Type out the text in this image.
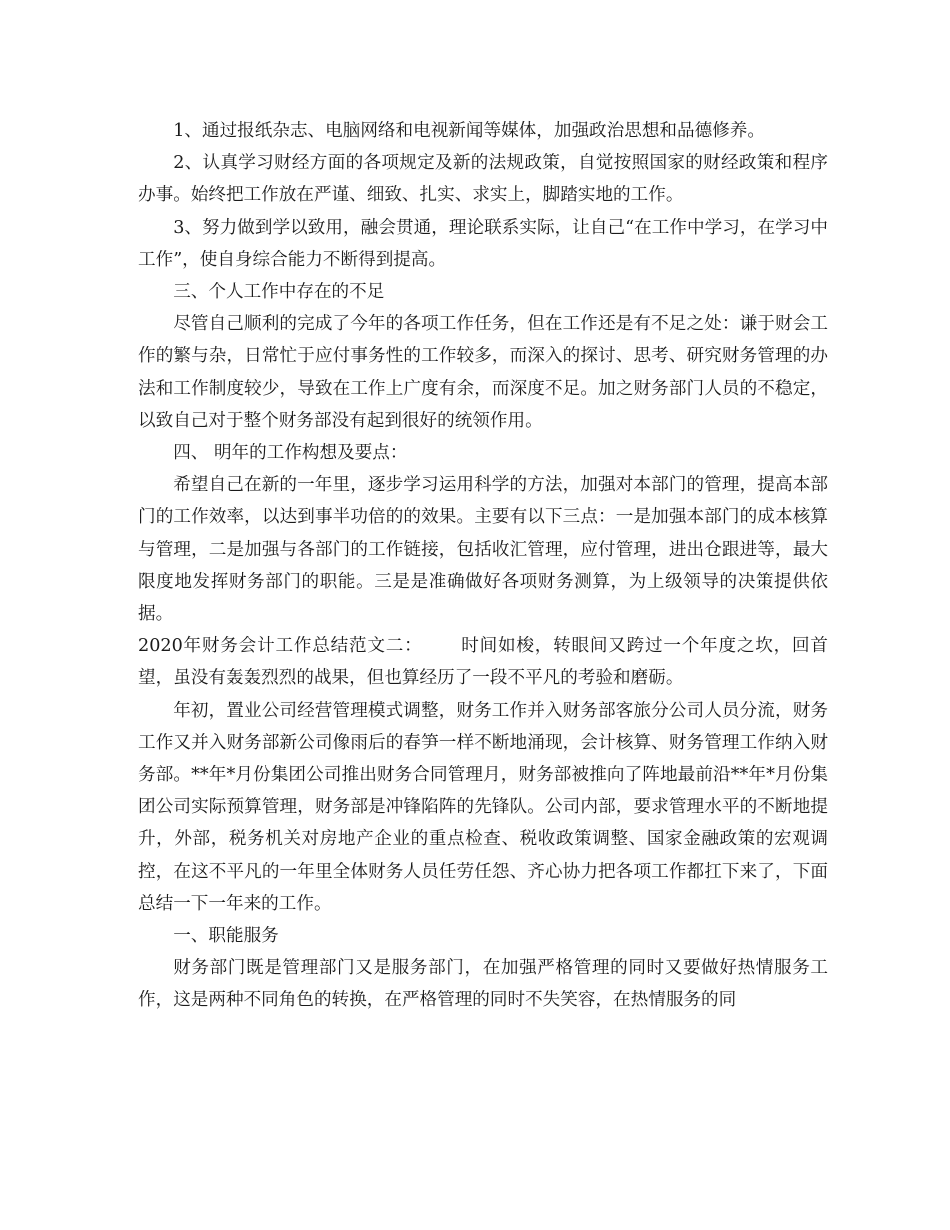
1、通过报纸杂志、电脑网络和电视新闻等媒体，加强政治思想和品德修养。

2、认真学习财经方面的各项规定及新的法规政策，自觉按照国家的财经政策和程序办事。始终把工作放在严谨、细致、扎实、求实上，脚踏实地的工作。

3、努力做到学以致用，融会贯通，理论联系实际，让自己“在工作中学习，在学习中工作”，使自身综合能力不断得到提高。

三、个人工作中存在的不足

尽管自己顺利的完成了今年的各项工作任务，但在工作还是有不足之处：谦于财会工作的繁与杂，日常忙于应付事务性的工作较多，而深入的探讨、思考、研究财务管理的办法和工作制度较少，导致在工作上广度有余，而深度不足。加之财务部门人员的不稳定，以致自己对于整个财务部没有起到很好的统领作用。

四、 明年的工作构想及要点：

希望自己在新的一年里，逐步学习运用科学的方法，加强对本部门的管理，提高本部门的工作效率，以达到事半功倍的的效果。主要有以下三点：一是加强本部门的成本核算与管理，二是加强与各部门的工作链接，包括收汇管理，应付管理，进出仓跟进等，最大限度地发挥财务部门的职能。三是是准确做好各项财务测算，为上级领导的决策提供依据。

2020年财务会计工作总结范文二： 时间如梭，转眼间又跨过一个年度之坎，回首望，虽没有轰轰烈烈的战果，但也算经历了一段不平凡的考验和磨砺。

年初，置业公司经营管理模式调整，财务工作并入财务部客旅分公司人员分流，财务工作又并入财务部新公司像雨后的春笋一样不断地涌现，会计核算、财务管理工作纳入财务部。**年*月份集团公司推出财务合同管理月，财务部被推向了阵地最前沿**年*月份集团公司实际预算管理，财务部是冲锋陷阵的先锋队。公司内部，要求管理水平的不断地提升，外部，税务机关对房地产企业的重点检查、税收政策调整、国家金融政策的宏观调控，在这不平凡的一年里全体财务人员任劳任怨、齐心协力把各项工作都扛下来了，下面总结一下一年来的工作。

一、职能服务

财务部门既是管理部门又是服务部门，在加强严格管理的同时又要做好热情服务工作，这是两种不同角色的转换，在严格管理的同时不失笑容，在热情服务的同
